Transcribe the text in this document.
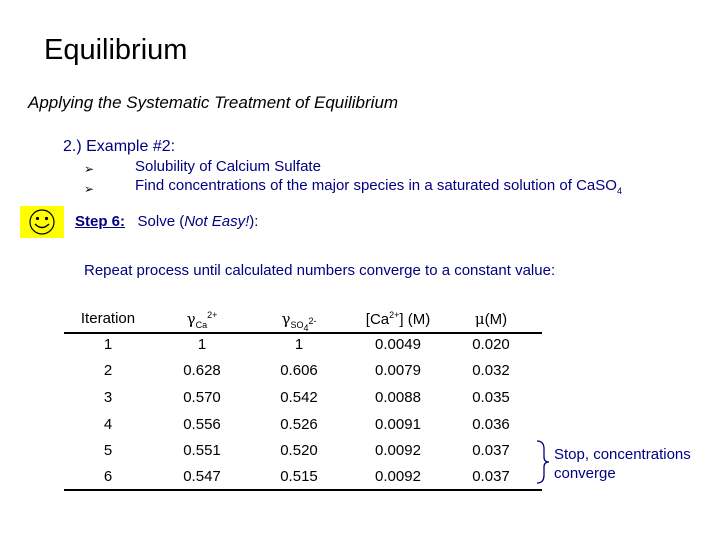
Equilibrium
Applying the Systematic Treatment of Equilibrium
2.) Example #2:
➢	Solubility of Calcium Sulfate
➢	Find concentrations of the major species in a saturated solution of CaSO$_4$
Step 6: Solve (Not Easy!):
Repeat process until calculated numbers converge to a constant value:
Iteration	$\gamma_{Ca}^{2+}$	$\gamma_{SO_4^{2-}}$	$[Ca^{2+}]$ (M)	μ(M)
1	1	1	0.0049	0.020
2	0.628	0.606	0.0079	0.032
3	0.570	0.542	0.0088	0.035
4	0.556	0.526	0.0091	0.036
5	0.551	0.520	0.0092	0.037
6	0.547	0.515	0.0092	0.037
Stop, concentrations
converge
